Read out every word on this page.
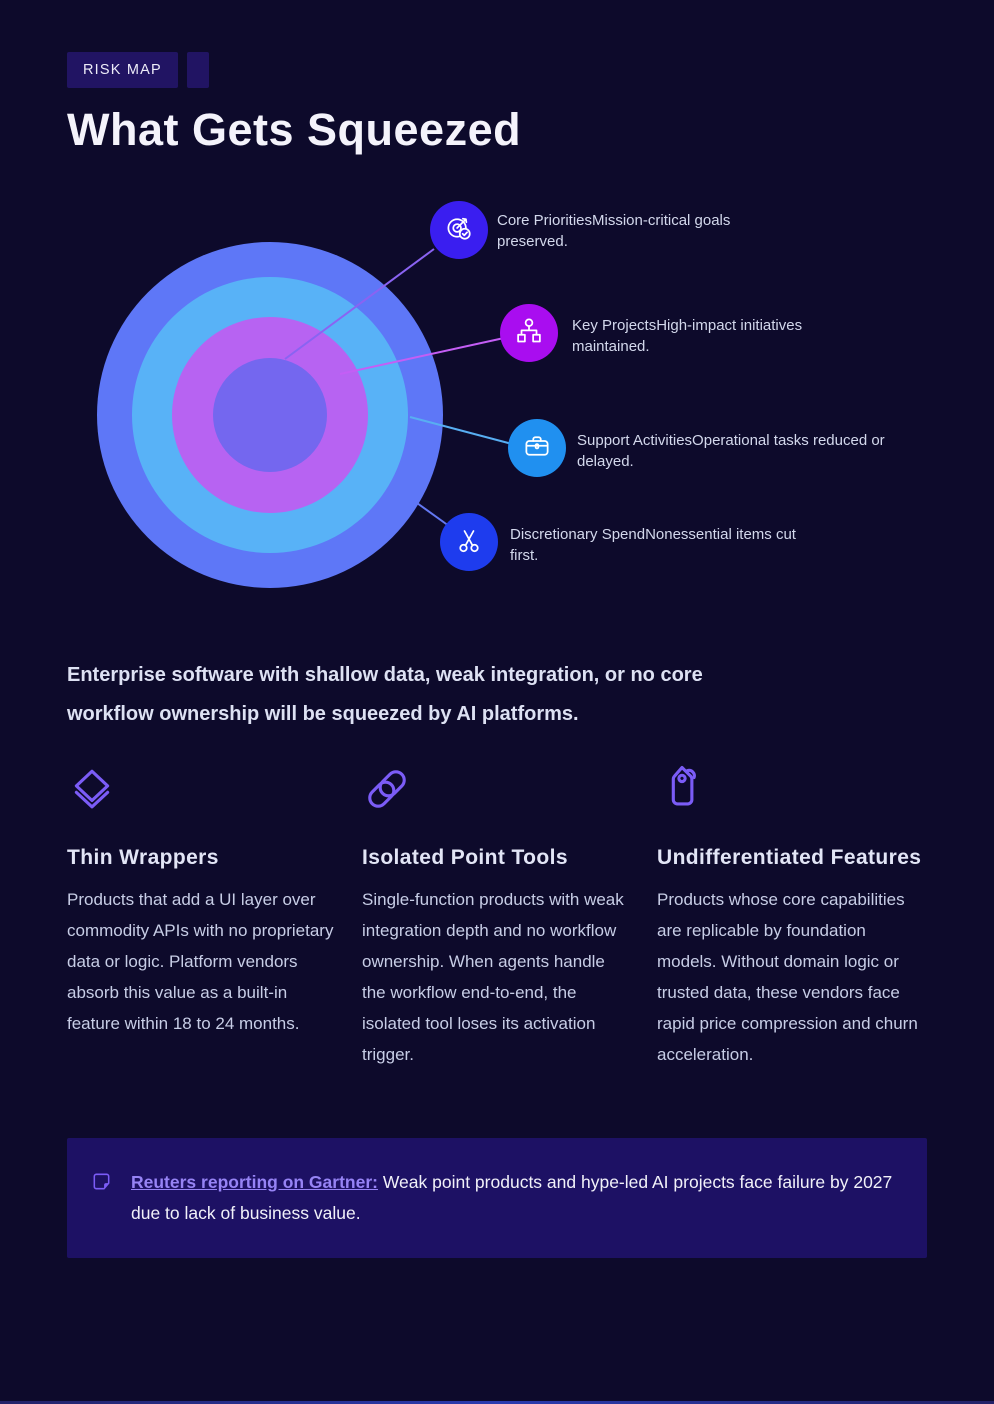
RISK MAP
What Gets Squeezed
Core PrioritiesMission-critical goals preserved.
Key ProjectsHigh-impact initiatives maintained.
Support ActivitiesOperational tasks reduced or delayed.
Discretionary SpendNonessential items cut first.
Enterprise software with shallow data, weak integration, or no core
workflow ownership will be squeezed by AI platforms.
Thin Wrappers

Products that add a UI layer over commodity APIs with no proprietary data or logic. Platform vendors absorb this value as a built-in feature within 18 to 24 months.

Isolated Point Tools

Single-function products with weak integration depth and no workflow ownership. When agents handle the workflow end-to-end, the isolated tool loses its activation trigger.

Undifferentiated Features

Products whose core capabilities are replicable by foundation models. Without domain logic or trusted data, these vendors face rapid price compression and churn acceleration.

Reuters reporting on Gartner: Weak point products and hype-led AI projects face failure by 2027 due to lack of business value.
